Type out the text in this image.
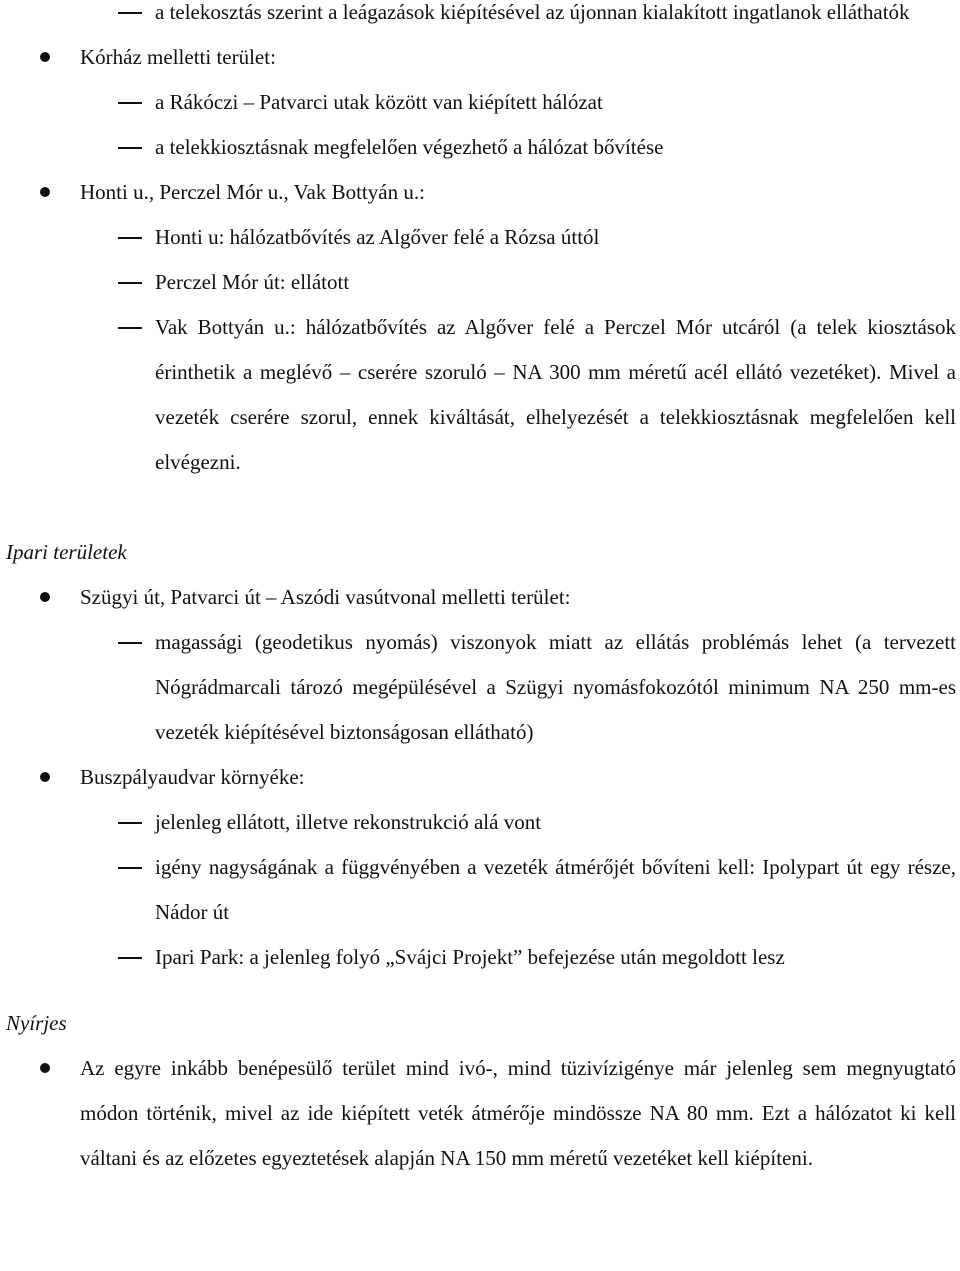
a telekosztás szerint a leágazások kiépítésével az újonnan kialakított ingatlanok elláthatók
Kórház melletti terület:
a Rákóczi – Patvarci utak között van kiépített hálózat
a telekkiosztásnak megfelelően végezhető a hálózat bővítése
Honti u., Perczel Mór u., Vak Bottyán u.:
Honti u: hálózatbővítés az Algőver felé a Rózsa úttól
Perczel Mór út: ellátott
Vak Bottyán u.: hálózatbővítés az Algőver felé a Perczel Mór utcáról (a telek kiosztások érinthetik a meglévő – cserére szoruló – NA 300 mm méretű acél ellátó vezetéket). Mivel a vezeték cserére szorul, ennek kiváltását, elhelyezését a telekkiosztásnak megfelelően kell elvégezni.
Ipari területek
Szügyi út, Patvarci út – Aszódi vasútvonal melletti terület:
magassági (geodetikus nyomás) viszonyok miatt az ellátás problémás lehet (a tervezett Nógrádmarcali tározó megépülésével a Szügyi nyomásfokozótól minimum NA 250 mm-es vezeték kiépítésével biztonságosan ellátható)
Buszpályaudvar környéke:
jelenleg ellátott, illetve rekonstrukció alá vont
igény nagyságának a függvényében a vezeték átmérőjét bővíteni kell: Ipolypart út egy része, Nádor út
Ipari Park: a jelenleg folyó „Svájci Projekt” befejezése után megoldott lesz
Nyírjes
Az egyre inkább benépesülő terület mind ivó-, mind tüzivízigénye már jelenleg sem megnyugtató módon történik, mivel az ide kiépített veték átmérője mindössze NA 80 mm. Ezt a hálózatot ki kell váltani és az előzetes egyeztetések alapján NA 150 mm méretű vezetéket kell kiépíteni.
